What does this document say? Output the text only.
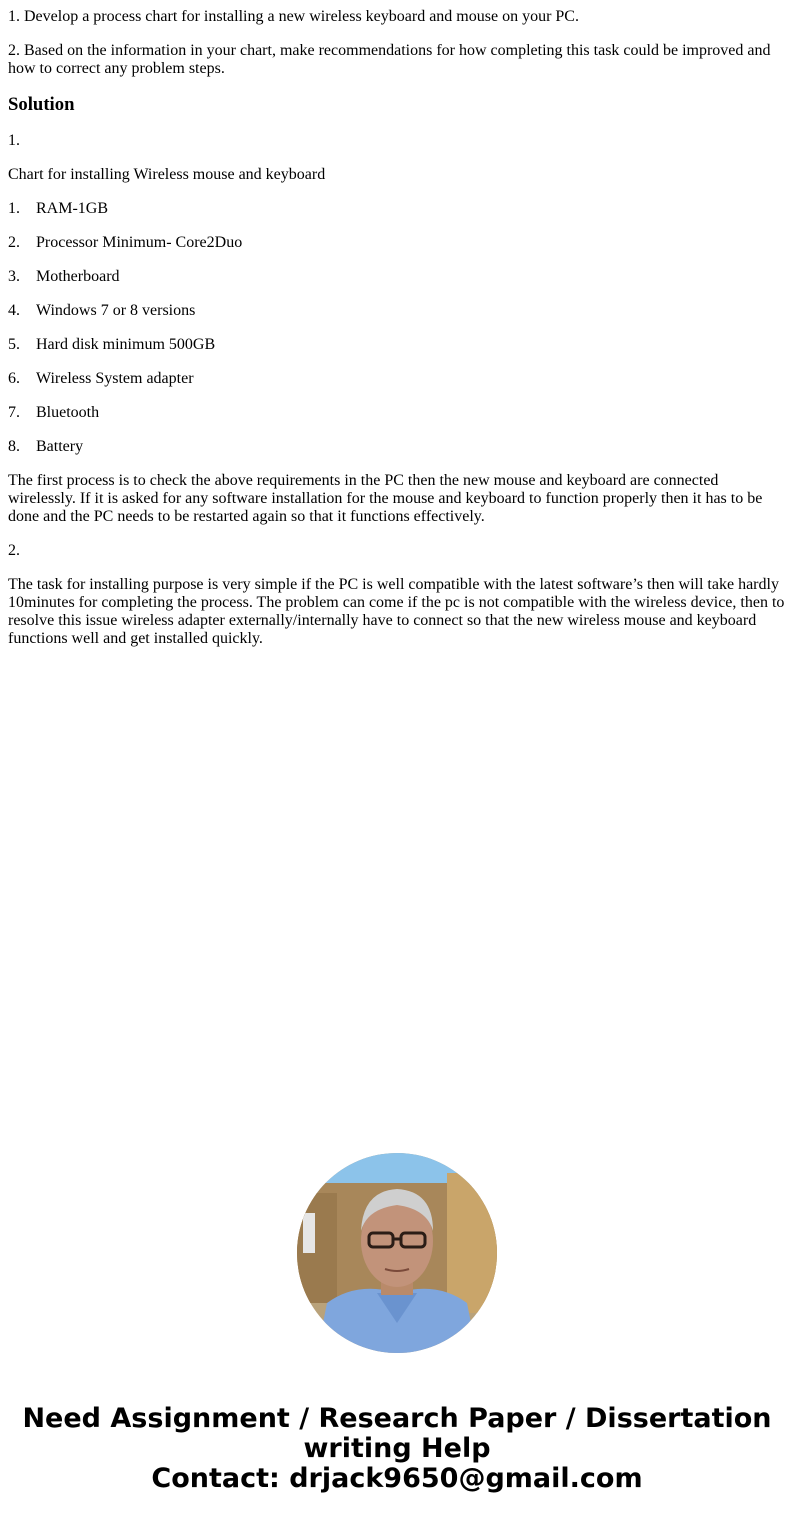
1. Develop a process chart for installing a new wireless keyboard and mouse on your PC.

2. Based on the information in your chart, make recommendations for how completing this task could be improved and how to correct any problem steps.

Solution

1.

Chart for installing Wireless mouse and keyboard

1. RAM-1GB
2. Processor Minimum- Core2Duo
3. Motherboard
4. Windows 7 or 8 versions
5. Hard disk minimum 500GB
6. Wireless System adapter
7. Bluetooth
8. Battery

The first process is to check the above requirements in the PC then the new mouse and keyboard are connected wirelessly. If it is asked for any software installation for the mouse and keyboard to function properly then it has to be done and the PC needs to be restarted again so that it functions effectively.

2.

The task for installing purpose is very simple if the PC is well compatible with the latest software’s then will take hardly 10minutes for completing the process. The problem can come if the pc is not compatible with the wireless device, then to resolve this issue wireless adapter externally/internally have to connect so that the new wireless mouse and keyboard functions well and get installed quickly.

Need Assignment / Research Paper / Dissertation
writing Help
Contact: drjack9650@gmail.com
